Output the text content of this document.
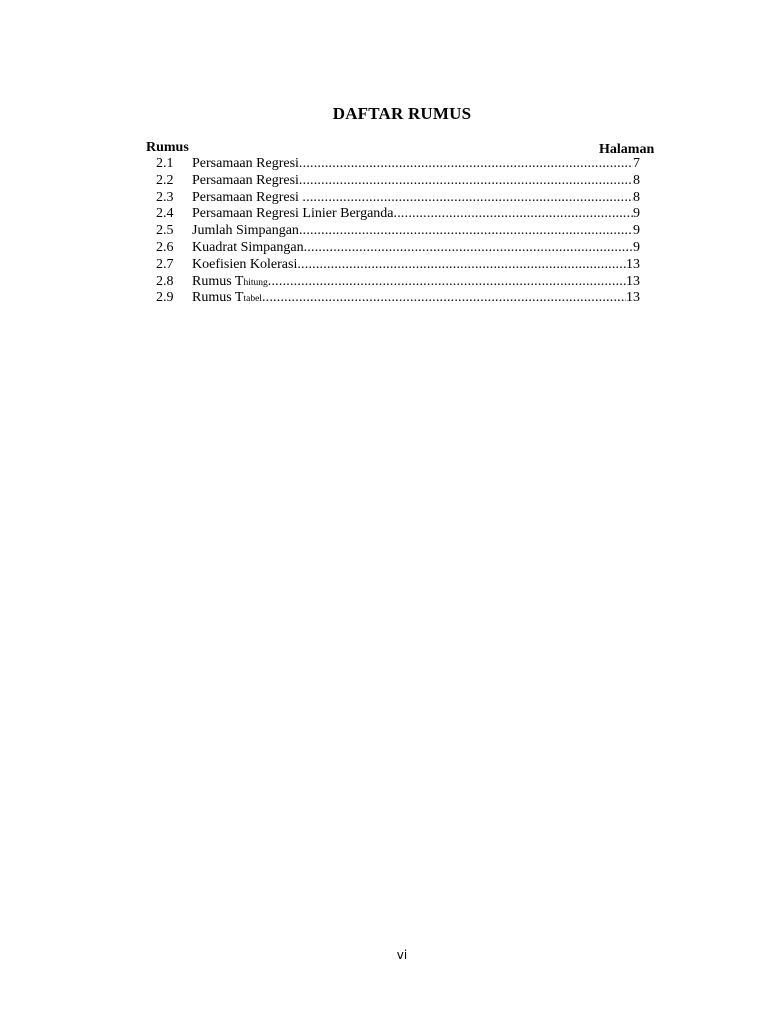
DAFTAR RUMUS
Rumus	Halaman
2.1 Persamaan Regresi .....	7
2.2 Persamaan Regresi .....	8
2.3 Persamaan Regresi .....	8
2.4 Persamaan Regresi Linier Berganda .....	9
2.5 Jumlah Simpangan .....	9
2.6 Kuadrat Simpangan .....	9
2.7 Koefisien Kolerasi .....	13
2.8 Rumus Thitung .....	13
2.9 Rumus Ttabel .....	13
vi
